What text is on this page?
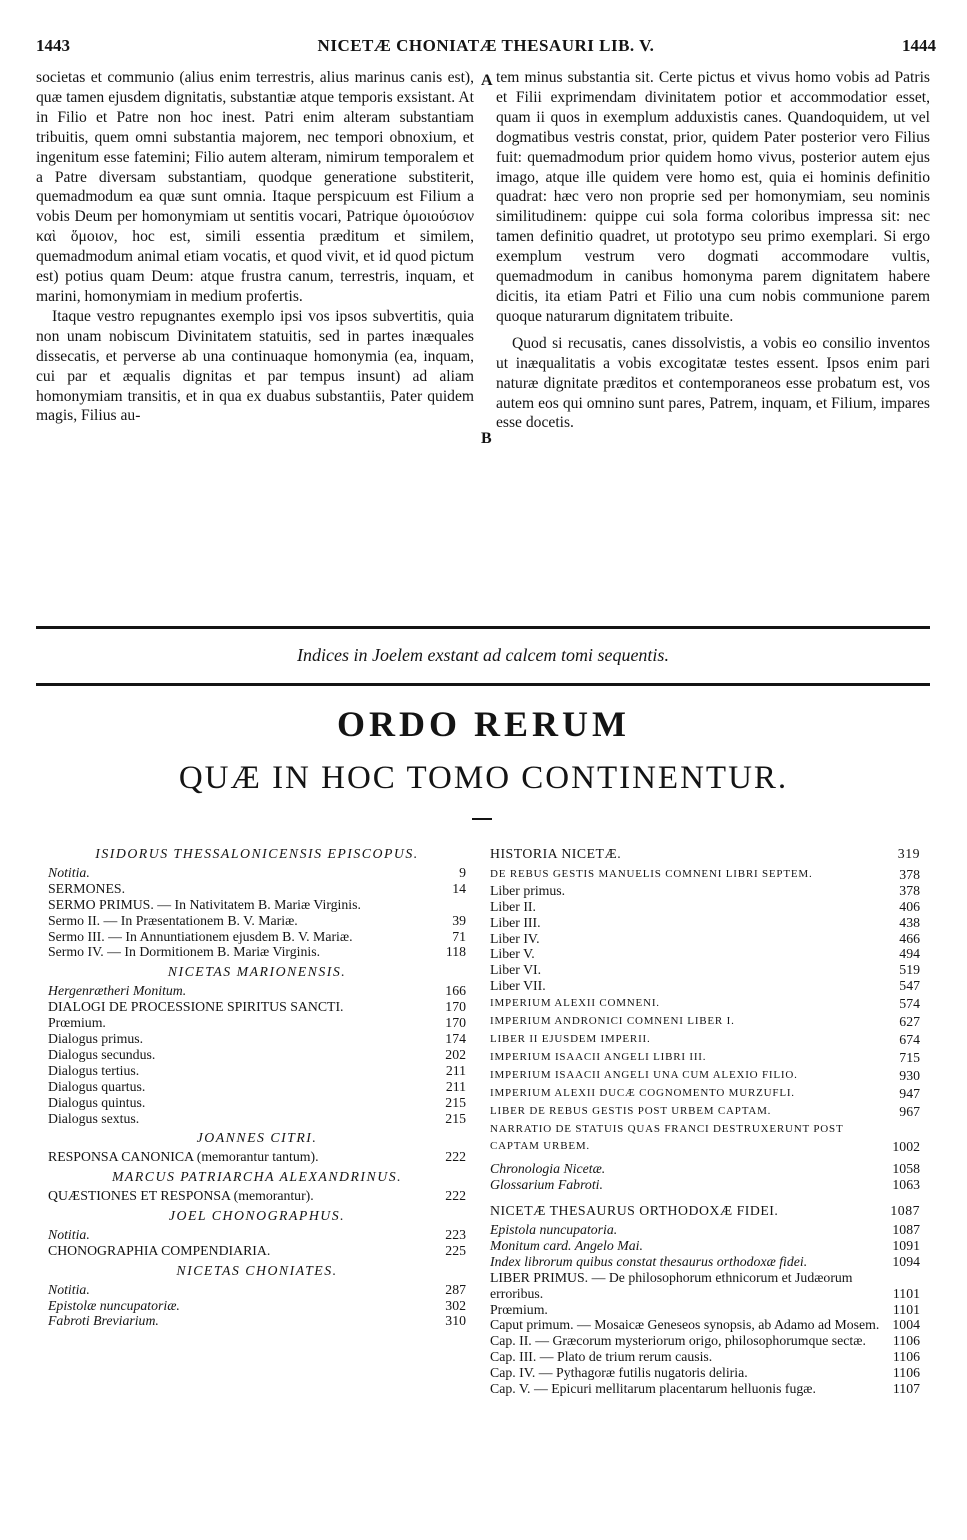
1443	NICETÆ CHONIATÆ THESAURI LIB. V.	1444

societas et communio (alius enim terrestris, alius marinus canis est), quæ tamen ejusdem dignitatis, substantiæ atque temporis exsistant. At in Filio et Patre non hoc inest. Patri enim alteram substantiam tribuitis, quem omni substantia majorem, nec tempori obnoxium, et ingenitum esse fatemini; Filio autem alteram, nimirum temporalem et a Patre diversam substantiam, quodque generatione substiterit, quemadmodum ea quæ sunt omnia. Itaque perspicuum est Filium a vobis Deum per homonymiam ut sentitis vocari, Patrique ὁμοιούσιον καὶ ὅμοιον, hoc est, simili essentia præditum et similem, quemadmodum animal etiam vocatis, et quod vivit, et id quod pictum est) potius quam Deum: atque frustra canum, terrestris, inquam, et marini, homonymiam in medium profertis.

Itaque vestro repugnantes exemplo ipsi vos ipsos subvertitis, quia non unam nobiscum Divinitatem statuitis, sed in partes inæquales dissecatis, et perverse ab una continuaque homonymia (ea, inquam, cui par et æqualis dignitas et par tempus insunt) ad aliam homonymiam transitis, et in qua ex duabus substantiis, Pater quidem magis, Filius au-

A
B

tem minus substantia sit. Certe pictus et vivus homo vobis ad Patris et Filii exprimendam divinitatem potior et accommodatior esset, quam ii quos in exemplum adduxistis canes. Quandoquidem, ut vel dogmatibus vestris constat, prior, quidem Pater posterior vero Filius fuit: quemadmodum prior quidem homo vivus, posterior autem ejus imago, atque ille quidem vere homo est, quia ei hominis definitio quadrat: hæc vero non proprie sed per homonymiam, seu nominis similitudinem: quippe cui sola forma coloribus impressa sit: nec tamen definitio quadret, ut prototypo seu primo exemplari. Si ergo exemplum vestrum vero dogmati accommodare vultis, quemadmodum in canibus homonyma parem dignitatem habere dicitis, ita etiam Patri et Filio una cum nobis communione parem quoque naturarum dignitatem tribuite.

Quod si recusatis, canes dissolvistis, a vobis eo consilio inventos ut inæqualitatis a vobis excogitatæ testes essent. Ipsos enim pari naturæ dignitate præditos et contemporaneos esse probatum est, vos autem eos qui omnino sunt pares, Patrem, inquam, et Filium, impares esse docetis.

Indices in Joelem exstant ad calcem tomi sequentis.
ORDO RERUM
QUÆ IN HOC TOMO CONTINENTUR.
ISIDORUS THESSALONICENSIS EPISCOPUS.
Notitia.	9
SERMONES.	14
SERMO PRIMUS. — In Nativitatem B. Mariæ Virginis.
Sermo II. — In Præsentationem B. V. Mariæ.	39
Sermo III. — In Annuntiationem ejusdem B. V. Mariæ.	71
Sermo IV. — In Dormitionem B. Mariæ Virginis.	118
NICETAS MARIONENSIS.
Hergenrætheri Monitum.	166
DIALOGI DE PROCESSIONE SPIRITUS SANCTI.	170
Prœmium.	170
Dialogus primus.	174
Dialogus secundus.	202
Dialogus tertius.	211
Dialogus quartus.	211
Dialogus quintus.	215
Dialogus sextus.	215
JOANNES CITRI.
RESPONSA CANONICA (memorantur tantum).	222
MARCUS PATRIARCHA ALEXANDRINUS.
QUÆSTIONES ET RESPONSA (memorantur).	222
JOEL CHONOGRAPHUS.
Notitia.	223
CHONOGRAPHIA COMPENDIARIA.	225
NICETAS CHONIATES.
Notitia.	287
Epistolæ nuncupatoriæ.	302
Fabroti Breviarium.	310
HISTORIA NICETÆ.	319
DE REBUS GESTIS MANUELIS COMNENI LIBRI SEPTEM.	378
Liber primus.	378
Liber II.	406
Liber III.	438
Liber IV.	466
Liber V.	494
Liber VI.	519
Liber VII.	547
IMPERIUM ALEXII COMNENI.	574
IMPERIUM ANDRONICI COMNENI LIBER I.	627
LIBER II EJUSDEM IMPERII.	674
IMPERIUM ISAACII ANGELI LIBRI III.	715
IMPERIUM ISAACII ANGELI UNA CUM ALEXIO FILIO.	930
IMPERIUM ALEXII DUCÆ COGNOMENTO MURZUFLI.	947
LIBER DE REBUS GESTIS POST URBEM CAPTAM.	967
NARRATIO DE STATUIS QUAS FRANCI DESTRUXERUNT POST CAPTAM URBEM.	1002
Chronologia Nicetæ.	1058
Glossarium Fabroti.	1063
NICETÆ THESAURUS ORTHODOXÆ FIDEI.	1087
Epistola nuncupatoria.	1087
Monitum card. Angelo Mai.	1091
Index librorum quibus constat thesaurus orthodoxæ fidei.	1094
LIBER PRIMUS. — De philosophorum ethnicorum et Judæorum erroribus.	1101
Prœmium.	1101
Caput primum. — Mosaicæ Geneseos synopsis, ab Adamo ad Mosem. 1004
Cap. II. — Græcorum mysteriorum origo, philosophorumque sectæ. 1106
Cap. III. — Plato de trium rerum causis.	1106
Cap. IV. — Pythagoræ futilis nugatoris deliria.	1106
Cap. V. — Epicuri mellitarum placentarum helluonis fugæ.	1107
